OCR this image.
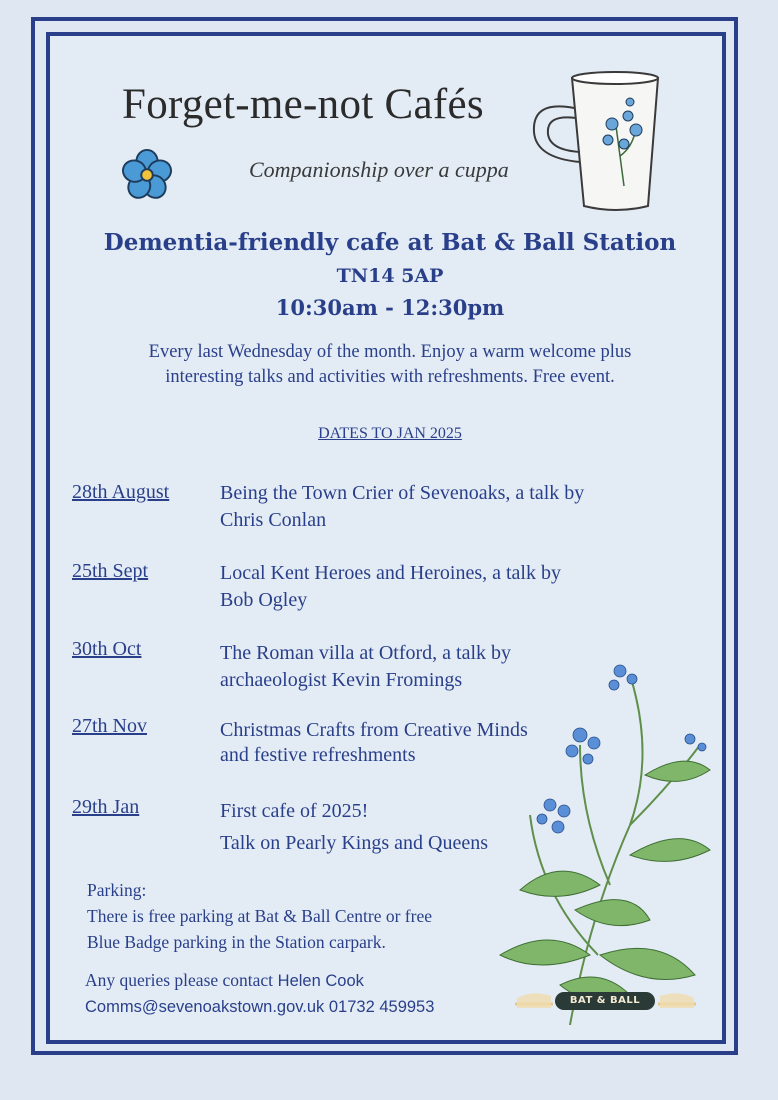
Forget-me-not Cafés
Companionship over a cuppa
Dementia-friendly cafe at Bat & Ball Station
TN14 5AP
10:30am - 12:30pm
Every last Wednesday of the month. Enjoy a warm welcome plus
interesting talks and activities with refreshments. Free event.
DATES TO JAN 2025
28th August	Being the Town Crier of Sevenoaks, a talk by
Chris Conlan
25th Sept	Local Kent Heroes and Heroines, a talk by
Bob Ogley
30th Oct	The Roman villa at Otford, a talk by
archaeologist Kevin Fromings
27th Nov	Christmas Crafts from Creative Minds
and festive refreshments
29th Jan	First cafe of 2025!
Talk on Pearly Kings and Queens
Parking:
There is free parking at Bat & Ball Centre or free
Blue Badge parking in the Station carpark.
Any queries please contact Helen Cook
Comms@sevenoakstown.gov.uk 01732 459953	BAT & BALL
